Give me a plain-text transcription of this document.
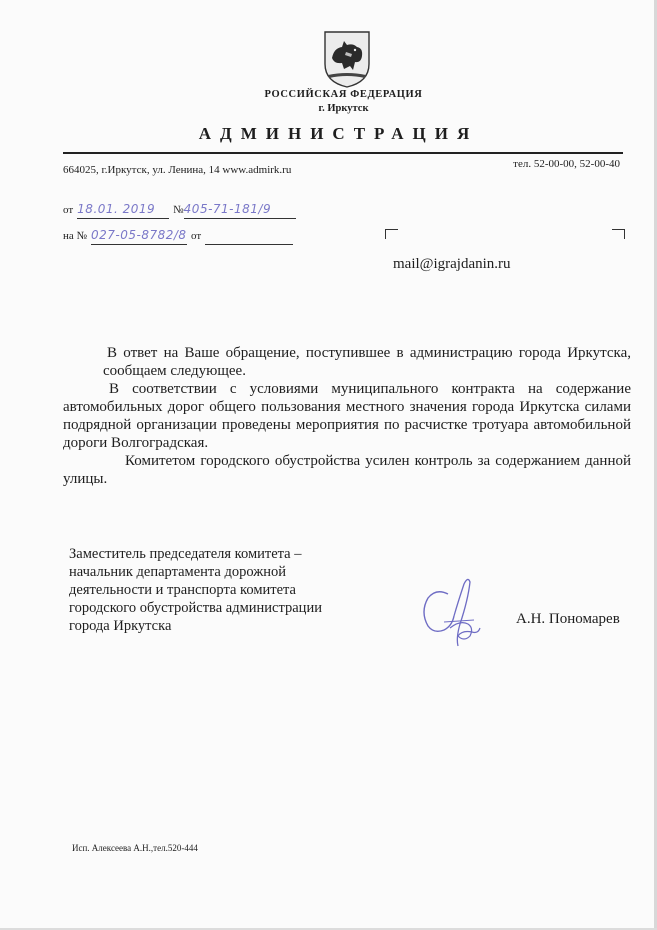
РОССИЙСКАЯ ФЕДЕРАЦИЯ
г. Иркутск
АДМИНИСТРАЦИЯ
664025, г.Иркутск, ул. Ленина, 14 www.admirk.ru	тел. 52-00-00, 52-00-40
от 18.01. 2019 №405-71-181/9
на № 027-05-8782/8 от
mail@igrajdanin.ru

В ответ на Ваше обращение, поступившее в администрацию города Иркутска, сообщаем следующее.

В соответствии с условиями муниципального контракта на содержание автомобильных дорог общего пользования местного значения города Иркутска силами подрядной организации проведены мероприятия по расчистке тротуара автомобильной дороги Волгоградская.

Комитетом городского обустройства усилен контроль за содержанием данной улицы.

Заместитель председателя комитета –
начальник департамента дорожной
деятельности и транспорта комитета
городского обустройства администрации
города Иркутска	А.Н. Пономарев
Исп. Алексеева А.Н.,тел.520-444
